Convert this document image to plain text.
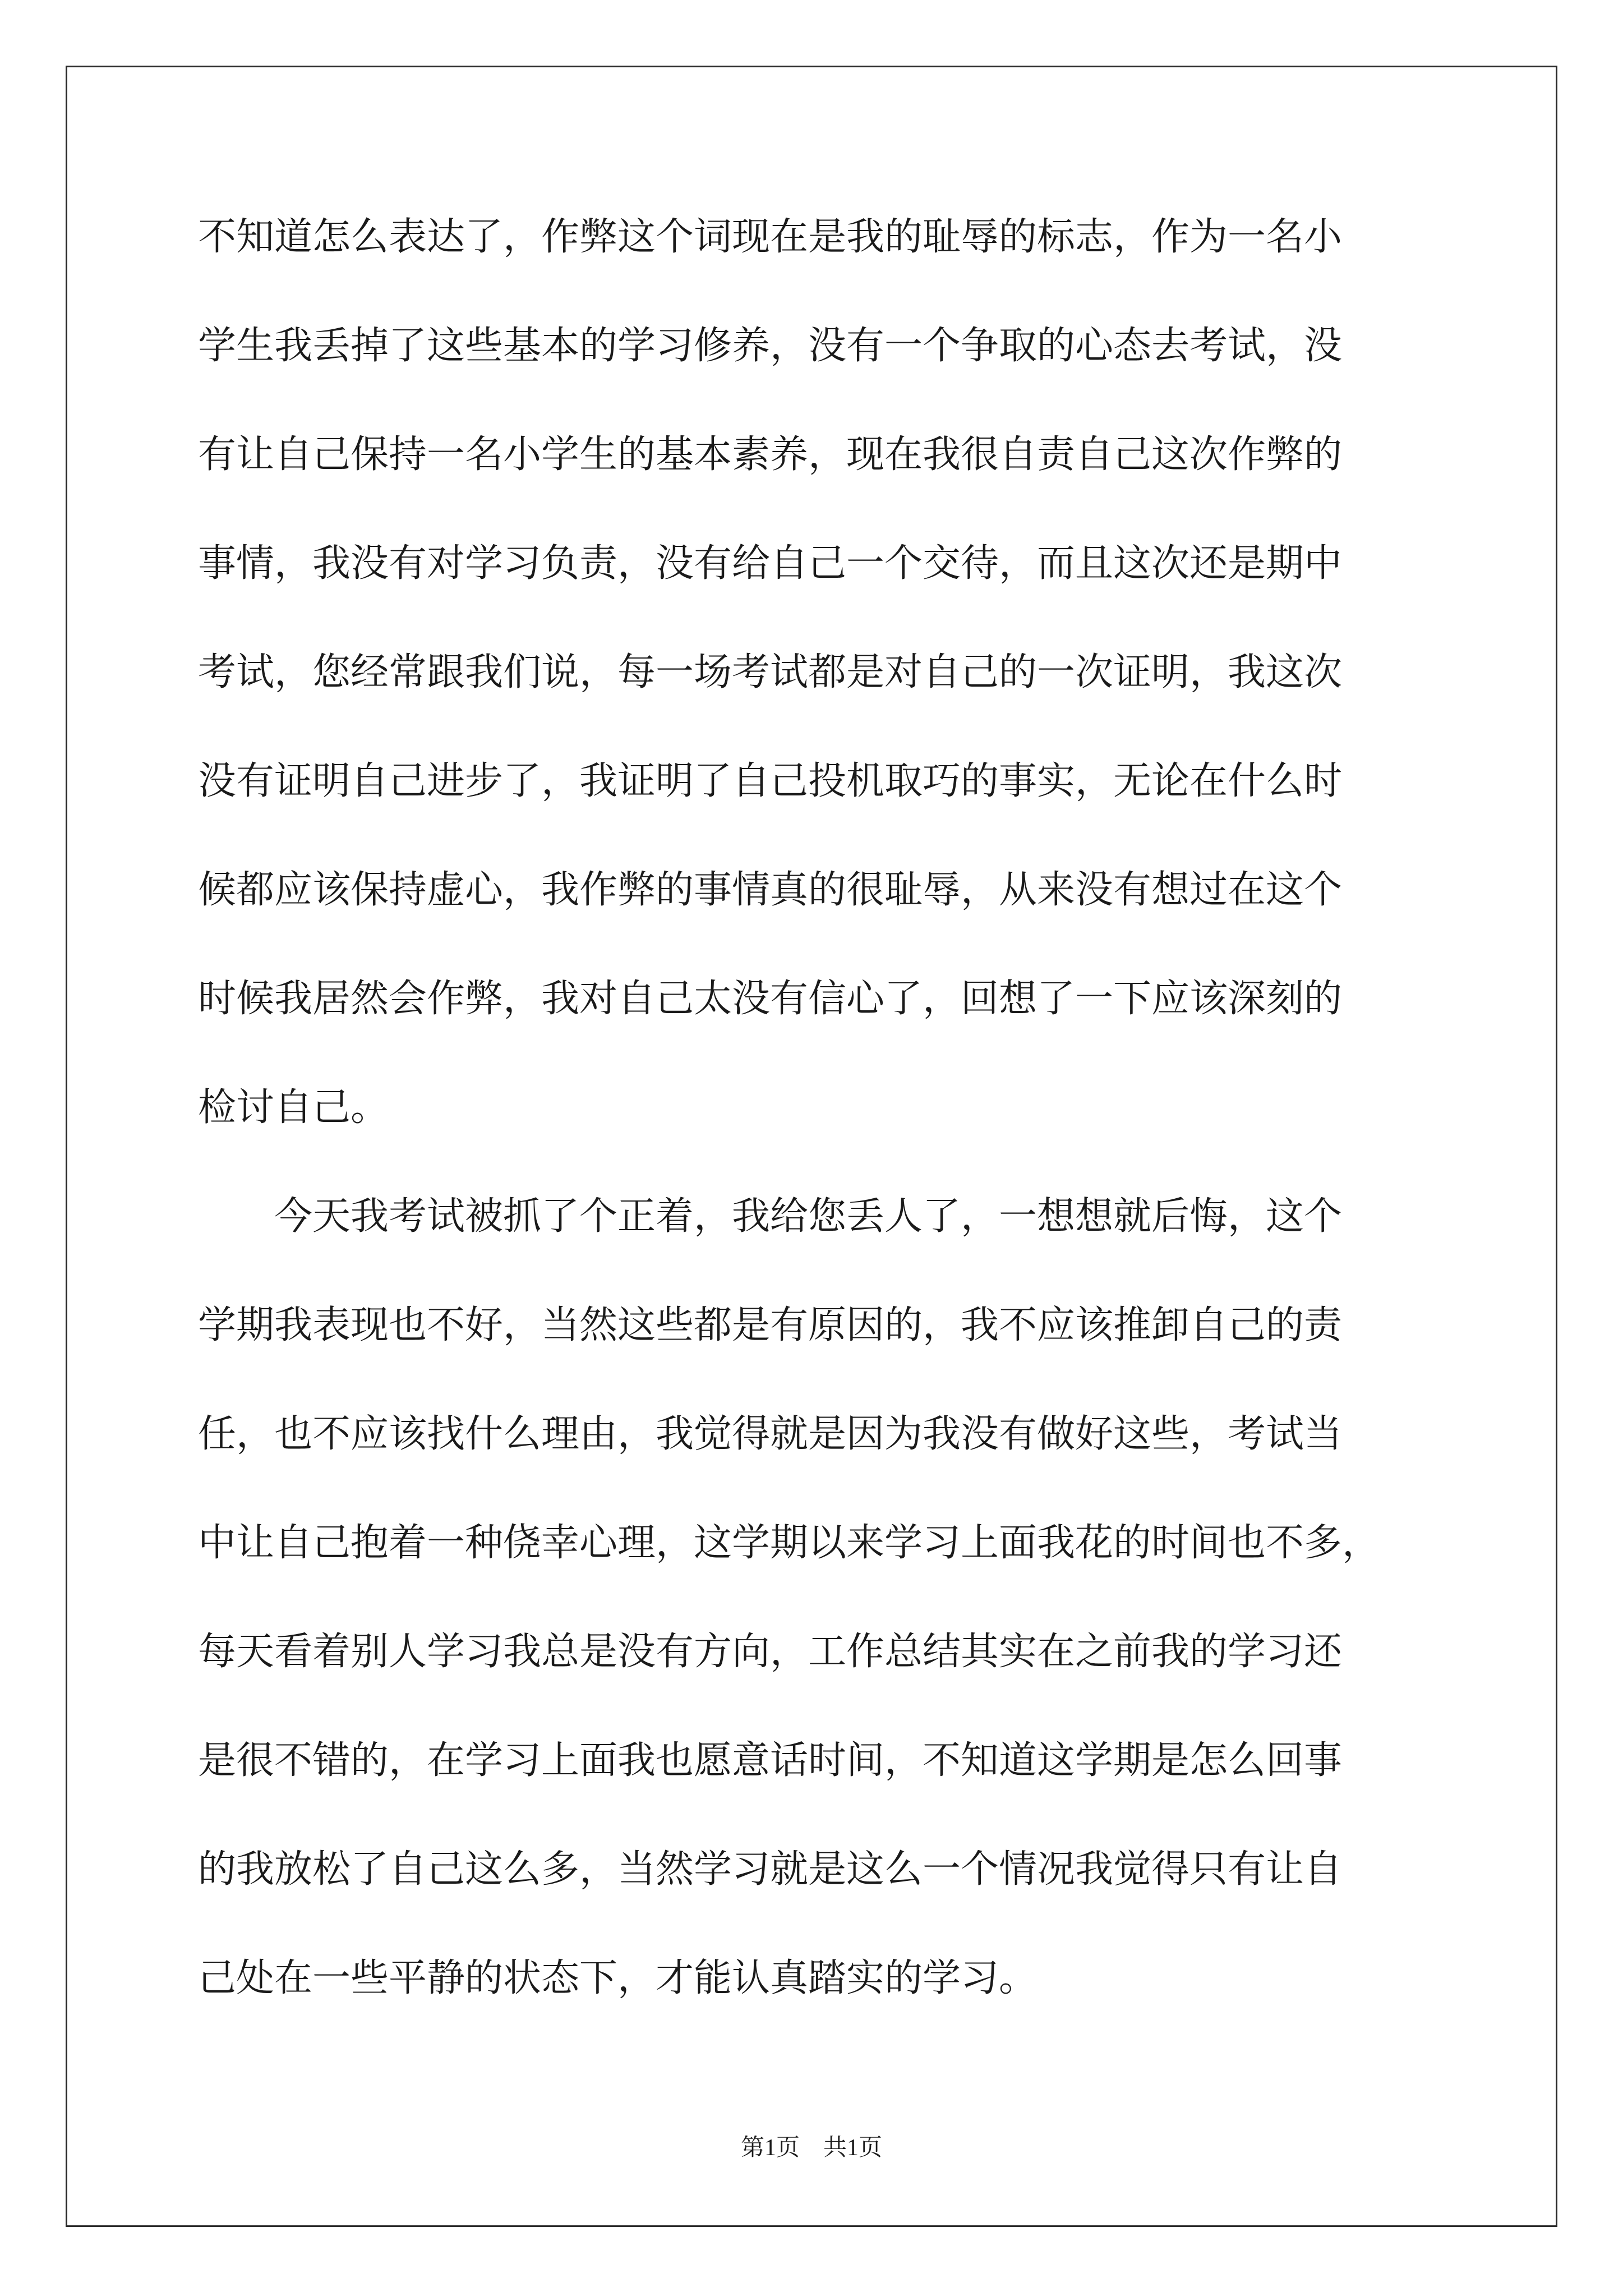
不知道怎么表达了，作弊这个词现在是我的耻辱的标志，作为一名小

学生我丢掉了这些基本的学习修养，没有一个争取的心态去考试，没

有让自己保持一名小学生的基本素养，现在我很自责自己这次作弊的

事情，我没有对学习负责，没有给自己一个交待，而且这次还是期中

考试，您经常跟我们说，每一场考试都是对自己的一次证明，我这次

没有证明自己进步了，我证明了自己投机取巧的事实，无论在什么时

候都应该保持虚心，我作弊的事情真的很耻辱，从来没有想过在这个

时候我居然会作弊，我对自己太没有信心了，回想了一下应该深刻的

检讨自己。

　　今天我考试被抓了个正着，我给您丢人了，一想想就后悔，这个

学期我表现也不好，当然这些都是有原因的，我不应该推卸自己的责

任，也不应该找什么理由，我觉得就是因为我没有做好这些，考试当

中让自己抱着一种侥幸心理，这学期以来学习上面我花的时间也不多，

每天看着别人学习我总是没有方向，工作总结其实在之前我的学习还

是很不错的，在学习上面我也愿意话时间，不知道这学期是怎么回事

的我放松了自己这么多，当然学习就是这么一个情况我觉得只有让自

己处在一些平静的状态下，才能认真踏实的学习。

第1页　共1页
